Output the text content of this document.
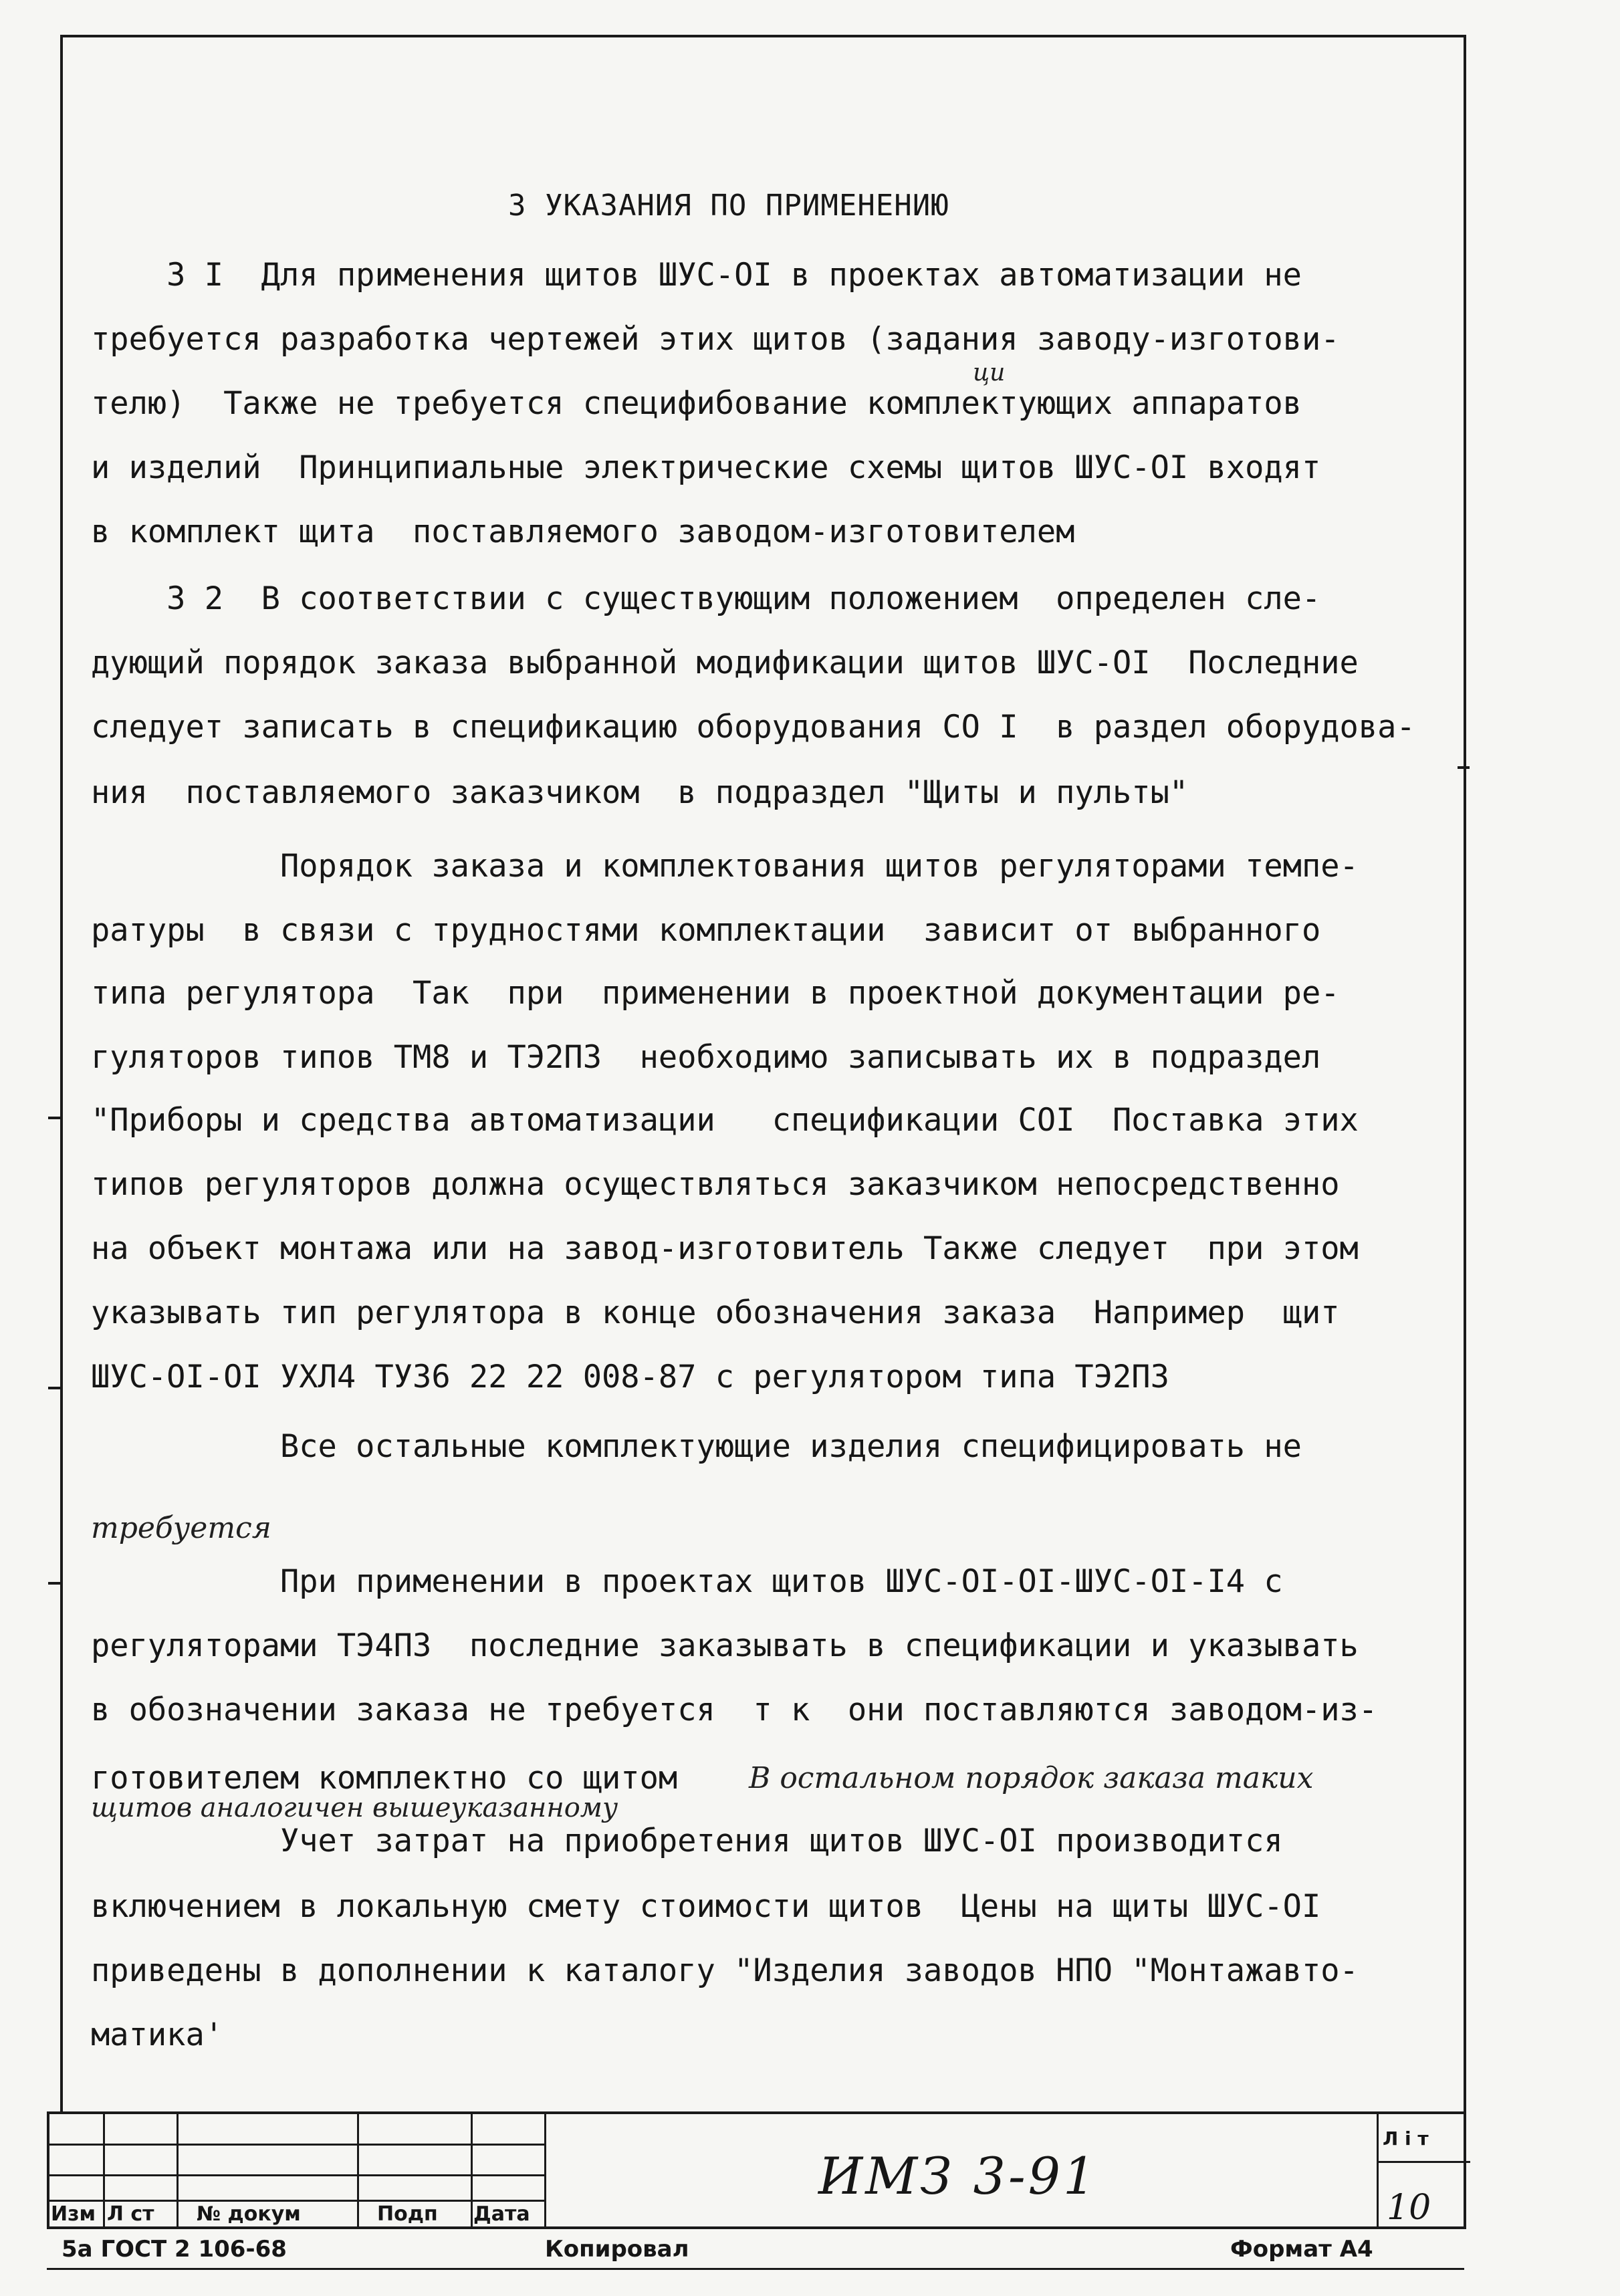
3 УКАЗАНИЯ ПО ПРИМЕНЕНИЮ
3 I  Для применения щитов ШУС-OI в проектах автоматизации не
требуется разработка чертежей этих щитов (задания заводу-изготови-
телю)  Также не требуется специфибование комплектующих аппаратов
и изделий  Принципиальные электрические схемы щитов ШУС-OI входят
в комплект щита  поставляемого заводом-изготовителем
3 2  В соответствии с существующим положением  определен сле-
дующий порядок заказа выбранной модификации щитов ШУС-OI  Последние
следует записать в спецификацию оборудования СО I  в раздел оборудова-
ния  поставляемого заказчиком  в подраздел "Щиты и пульты"
Порядок заказа и комплектования щитов регуляторами темпе-
ратуры  в связи с трудностями комплектации  зависит от выбранного
типа регулятора  Так  при  применении в проектной документации ре-
гуляторов типов ТМ8 и ТЭ2ПЗ  необходимо записывать их в подраздел
"Приборы и средства автоматизации   спецификации СОI  Поставка этих
типов регуляторов должна осуществляться заказчиком непосредственно
на объект монтажа или на завод-изготовитель Также следует  при этом
указывать тип регулятора в конце обозначения заказа  Например  щит
ШУС-OI-OI УХЛ4 ТУ36 22 22 008-87 с регулятором типа ТЭ2ПЗ
Все остальные комплектующие изделия специфицировать не
При применении в проектах щитов ШУС-OI-OI-ШУС-OI-I4 с
регуляторами ТЭ4ПЗ  последние заказывать в спецификации и указывать
в обозначении заказа не требуется  т к  они поставляются заводом-из-
готовителем комплектно со щитом
Учет затрат на приобретения щитов ШУС-OI производится
включением в локальную смету стоимости щитов  Цены на щиты ШУС-OI
приведены в дополнении к каталогу "Изделия заводов НПО "Монтажавто-
матика'
ци
требуется
В остальном порядок заказа таких
щитов аналогичен вышеуказанному
Изм Л ст № докум	Подп Дата
Л і т
ИМЗ 3-91
10
5а ГОСТ 2 106-68	Копировал	Формат А4
